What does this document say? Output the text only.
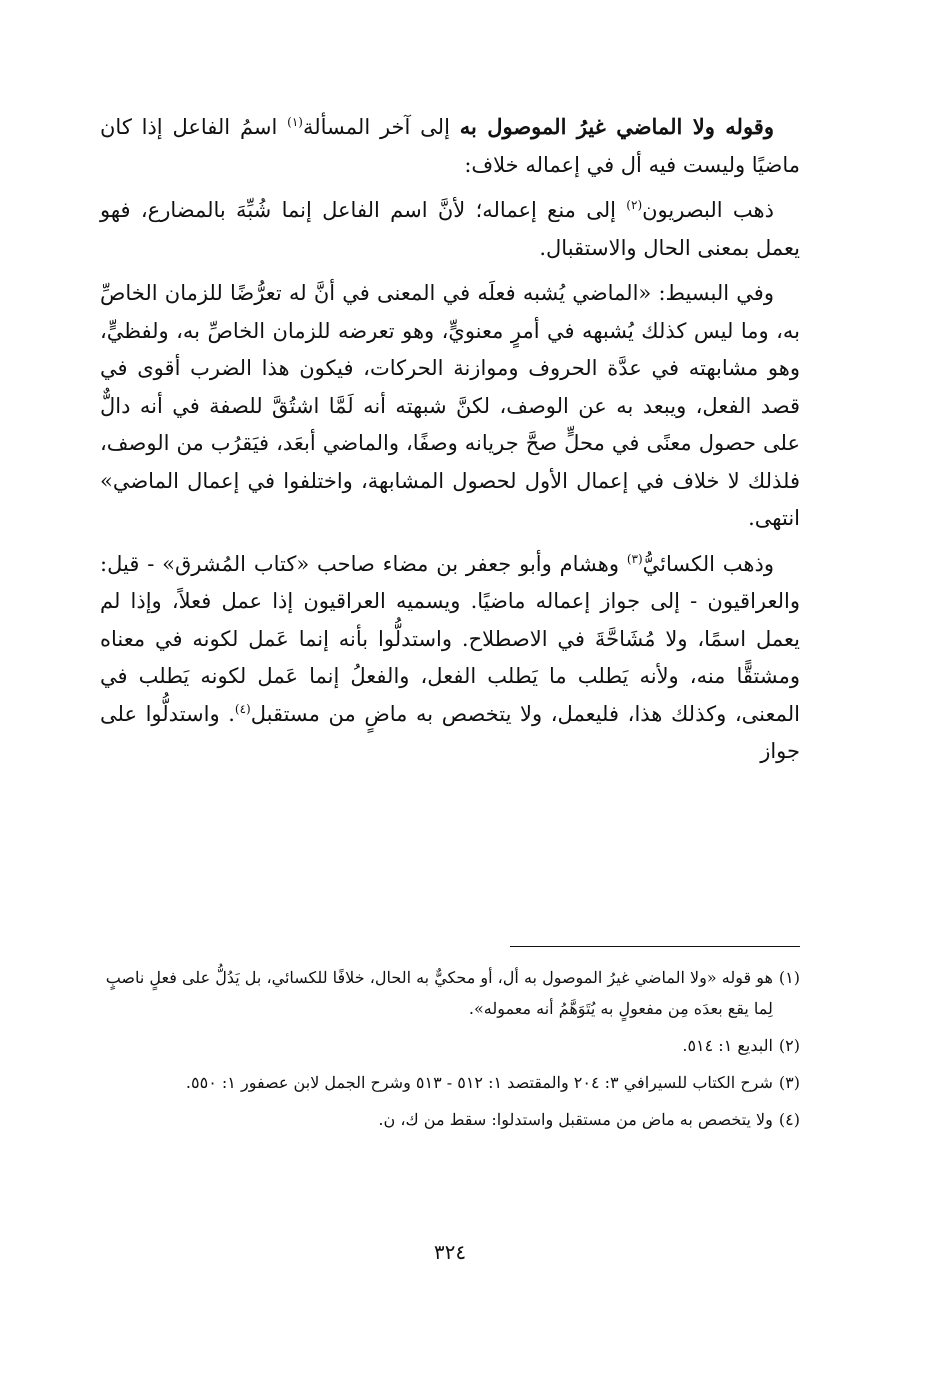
وقوله ولا الماضي غيرُ الموصول به إلى آخر المسألة$^{(١)}$ اسمُ الفاعل إذا كان ماضيًا وليست فيه أل في إعماله خلاف:

ذهب البصريون$^{(٢)}$ إلى منع إعماله؛ لأنَّ اسم الفاعل إنما شُبِّهَ بالمضارع، فهو يعمل بمعنى الحال والاستقبال.

وفي البسيط: «الماضي يُشبه فعلَه في المعنى في أنَّ له تعرُّضًا للزمان الخاصِّ به، وما ليس كذلك يُشبهه في أمرٍ معنويٍّ، وهو تعرضه للزمان الخاصِّ به، ولفظيٍّ، وهو مشابهته في عدَّة الحروف وموازنة الحركات، فيكون هذا الضرب أقوى في قصد الفعل، ويبعد به عن الوصف، لكنَّ شبهته أنه لَمَّا اشتُقَّ للصفة في أنه دالٌّ على حصول معنًى في محلٍّ صحَّ جريانه وصفًا، والماضي أبعَد، فيَقرُب من الوصف، فلذلك لا خلاف في إعمال الأول لحصول المشابهة، واختلفوا في إعمال الماضي» انتهى.

وذهب الكسائيُّ$^{(٣)}$ وهشام وأبو جعفر بن مضاء صاحب «كتاب المُشرق» - قيل: والعراقيون - إلى جواز إعماله ماضيًا. ويسميه العراقيون إذا عمل فعلاً، وإذا لم يعمل اسمًا، ولا مُشَاحَّةَ في الاصطلاح. واستدلُّوا بأنه إنما عَمل لكونه في معناه ومشتقًّا منه، ولأنه يَطلب ما يَطلب الفعل، والفعلُ إنما عَمل لكونه يَطلب في المعنى، وكذلك هذا، فليعمل، ولا يتخصص به ماضٍ من مستقبل$^{(٤)}$. واستدلُّوا على جواز

(١)
هو قوله «ولا الماضي غيرُ الموصول به أل، أو محكيٌّ به الحال، خلافًا للكسائي، بل يَدُلُّ على فعلٍ ناصبٍ لِما يقع بعدَه مِن مفعولٍ به يُتَوَهَّمُ أنه معموله».
(٢)
البديع ١: ٥١٤.
(٣)
شرح الكتاب للسيرافي ٣: ٢٠٤ والمقتصد ١: ٥١٢ - ٥١٣ وشرح الجمل لابن عصفور ١: ٥٥٠.
(٤)
ولا يتخصص به ماض من مستقبل واستدلوا: سقط من ك، ن.
٣٢٤
